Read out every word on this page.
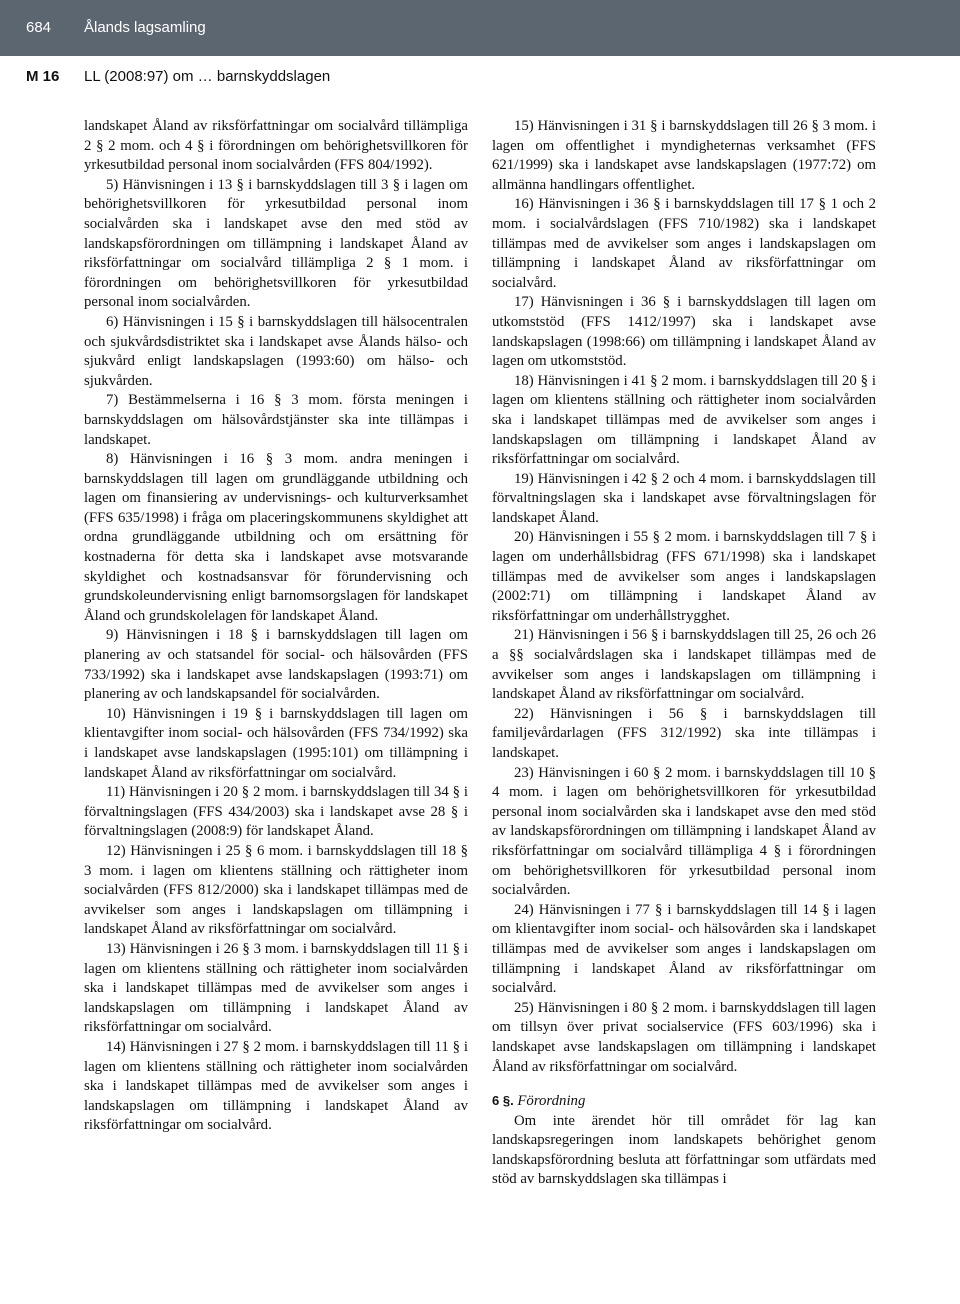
684 Ålands lagsamling
M 16 LL (2008:97) om … barnskyddslagen

landskapet Åland av riksförfattningar om socialvård tillämpliga 2 § 2 mom. och 4 § i förordningen om behörighetsvillkoren för yrkesutbildad personal inom socialvården (FFS 804/1992).

5) Hänvisningen i 13 § i barnskyddslagen till 3 § i lagen om behörighetsvillkoren för yrkesutbildad personal inom socialvården ska i landskapet avse den med stöd av landskapsförordningen om tillämpning i landskapet Åland av riksförfattningar om socialvård tillämpliga 2 § 1 mom. i förordningen om behörighetsvillkoren för yrkesutbildad personal inom socialvården.

6) Hänvisningen i 15 § i barnskyddslagen till hälsocentralen och sjukvårdsdistriktet ska i landskapet avse Ålands hälso- och sjukvård enligt landskapslagen (1993:60) om hälso- och sjukvården.

7) Bestämmelserna i 16 § 3 mom. första meningen i barnskyddslagen om hälsovårdstjänster ska inte tillämpas i landskapet.

8) Hänvisningen i 16 § 3 mom. andra meningen i barnskyddslagen till lagen om grundläggande utbildning och lagen om finansiering av undervisnings- och kulturverksamhet (FFS 635/1998) i fråga om placeringskommunens skyldighet att ordna grundläggande utbildning och om ersättning för kostnaderna för detta ska i landskapet avse motsvarande skyldighet och kostnadsansvar för förundervisning och grundskoleundervisning enligt barnomsorgslagen för landskapet Åland och grundskolelagen för landskapet Åland.

9) Hänvisningen i 18 § i barnskyddslagen till lagen om planering av och statsandel för social- och hälsovården (FFS 733/1992) ska i landskapet avse landskapslagen (1993:71) om planering av och landskapsandel för socialvården.

10) Hänvisningen i 19 § i barnskyddslagen till lagen om klientavgifter inom social- och hälsovården (FFS 734/1992) ska i landskapet avse landskapslagen (1995:101) om tillämpning i landskapet Åland av riksförfattningar om socialvård.

11) Hänvisningen i 20 § 2 mom. i barnskyddslagen till 34 § i förvaltningslagen (FFS 434/2003) ska i landskapet avse 28 § i förvaltningslagen (2008:9) för landskapet Åland.

12) Hänvisningen i 25 § 6 mom. i barnskyddslagen till 18 § 3 mom. i lagen om klientens ställning och rättigheter inom socialvården (FFS 812/2000) ska i landskapet tillämpas med de avvikelser som anges i landskapslagen om tillämpning i landskapet Åland av riksförfattningar om socialvård.

13) Hänvisningen i 26 § 3 mom. i barnskyddslagen till 11 § i lagen om klientens ställning och rättigheter inom socialvården ska i landskapet tillämpas med de avvikelser som anges i landskapslagen om tillämpning i landskapet Åland av riksförfattningar om socialvård.

14) Hänvisningen i 27 § 2 mom. i barnskyddslagen till 11 § i lagen om klientens ställning och rättigheter inom socialvården ska i landskapet tillämpas med de avvikelser som anges i landskapslagen om tillämpning i landskapet Åland av riksförfattningar om socialvård.

15) Hänvisningen i 31 § i barnskyddslagen till 26 § 3 mom. i lagen om offentlighet i myndigheternas verksamhet (FFS 621/1999) ska i landskapet avse landskapslagen (1977:72) om allmänna handlingars offentlighet.

16) Hänvisningen i 36 § i barnskyddslagen till 17 § 1 och 2 mom. i socialvårdslagen (FFS 710/1982) ska i landskapet tillämpas med de avvikelser som anges i landskapslagen om tillämpning i landskapet Åland av riksförfattningar om socialvård.

17) Hänvisningen i 36 § i barnskyddslagen till lagen om utkomststöd (FFS 1412/1997) ska i landskapet avse landskapslagen (1998:66) om tillämpning i landskapet Åland av lagen om utkomststöd.

18) Hänvisningen i 41 § 2 mom. i barnskyddslagen till 20 § i lagen om klientens ställning och rättigheter inom socialvården ska i landskapet tillämpas med de avvikelser som anges i landskapslagen om tillämpning i landskapet Åland av riksförfattningar om socialvård.

19) Hänvisningen i 42 § 2 och 4 mom. i barnskyddslagen till förvaltningslagen ska i landskapet avse förvaltningslagen för landskapet Åland.

20) Hänvisningen i 55 § 2 mom. i barnskyddslagen till 7 § i lagen om underhållsbidrag (FFS 671/1998) ska i landskapet tillämpas med de avvikelser som anges i landskapslagen (2002:71) om tillämpning i landskapet Åland av riksförfattningar om underhållstrygghet.

21) Hänvisningen i 56 § i barnskyddslagen till 25, 26 och 26 a §§ socialvårdslagen ska i landskapet tillämpas med de avvikelser som anges i landskapslagen om tillämpning i landskapet Åland av riksförfattningar om socialvård.

22) Hänvisningen i 56 § i barnskyddslagen till familjevårdarlagen (FFS 312/1992) ska inte tillämpas i landskapet.

23) Hänvisningen i 60 § 2 mom. i barnskyddslagen till 10 § 4 mom. i lagen om behörighetsvillkoren för yrkesutbildad personal inom socialvården ska i landskapet avse den med stöd av landskapsförordningen om tillämpning i landskapet Åland av riksförfattningar om socialvård tillämpliga 4 § i förordningen om behörighetsvillkoren för yrkesutbildad personal inom socialvården.

24) Hänvisningen i 77 § i barnskyddslagen till 14 § i lagen om klientavgifter inom social- och hälsovården ska i landskapet tillämpas med de avvikelser som anges i landskapslagen om tillämpning i landskapet Åland av riksförfattningar om socialvård.

25) Hänvisningen i 80 § 2 mom. i barnskyddslagen till lagen om tillsyn över privat socialservice (FFS 603/1996) ska i landskapet avse landskapslagen om tillämpning i landskapet Åland av riksförfattningar om socialvård.

6 §. Förordning

Om inte ärendet hör till området för lag kan landskapsregeringen inom landskapets behörighet genom landskapsförordning besluta att författningar som utfärdats med stöd av barnskyddslagen ska tillämpas i
